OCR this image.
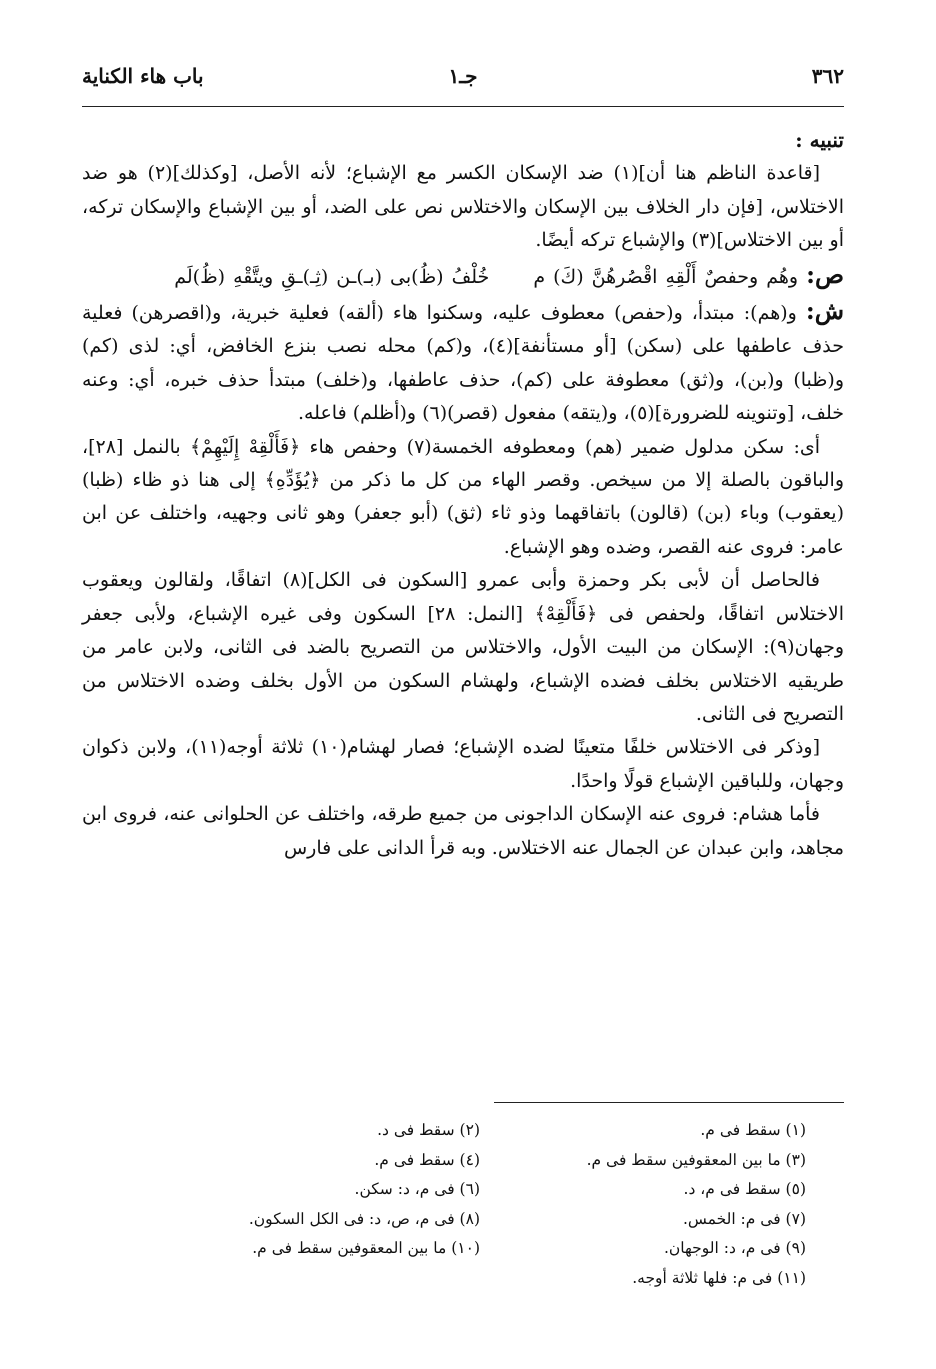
٣٦٢
جـ١
باب هاء الكناية

تنبيه :

[قاعدة الناظم هنا أن](١) ضد الإسكان الكسر مع الإشباع؛ لأنه الأصل، [وكذلك](٢) هو ضد الاختلاس، [فإن دار الخلاف بين الإسكان والاختلاس نص على الضد، أو بين الإشباع والإسكان تركه، أو بين الاختلاس](٣) والإشباع تركه أيضًا.

ص: وهُم وحفصٌ أَلْقِهِ اقْصُرهُنَّ (كَ) مخُلْفُ (ظُ)بى (بـ)ـن (ثِـ)ـقِ ويتَّقْهِ (ظُ)لَم

ش: و(هم): مبتدأ، و(حفص) معطوف عليه، وسكنوا هاء (ألقه) فعلية خبرية، و(اقصرهن) فعلية حذف عاطفها على (سكن) [أو مستأنفة](٤)، و(كم) محله نصب بنزع الخافض، أي: لذى (كم) و(ظبا) و(بن)، و(ثق) معطوفة على (كم)، حذف عاطفها، و(خلف) مبتدأ حذف خبره، أي: وعنه خلف، [وتنوينه للضرورة](٥)، و(يتقه) مفعول (قصر)(٦) و(أظلم) فاعله.

أى: سكن مدلول ضمير (هم) ومعطوفه الخمسة(٧) وحفص هاء ﴿فَأَلْقِهْ إِلَيْهِمْ﴾ بالنمل [٢٨]، والباقون بالصلة إلا من سيخص. وقصر الهاء من كل ما ذكر من ﴿يُؤَدِّهِ﴾ إلى هنا ذو ظاء (ظبا) (يعقوب) وباء (بن) (قالون) باتفاقهما وذو ثاء (ثق) (أبو جعفر) وهو ثانى وجهيه، واختلف عن ابن عامر: فروى عنه القصر، وضده وهو الإشباع.

فالحاصل أن لأبى بكر وحمزة وأبى عمرو [السكون فى الكل](٨) اتفاقًا، ولقالون ويعقوب الاختلاس اتفاقًا، ولحفص فى ﴿فَأَلْقِهْ﴾ [النمل: ٢٨] السكون وفى غيره الإشباع، ولأبى جعفر وجهان(٩): الإسكان من البيت الأول، والاختلاس من التصريح بالضد فى الثانى، ولابن عامر من طريقيه الاختلاس بخلف فضده الإشباع، ولهشام السكون من الأول بخلف وضده الاختلاس من التصريح فى الثانى.

[وذكر فى الاختلاس خلفًا متعينًا لضده الإشباع؛ فصار لهشام(١٠) ثلاثة أوجه(١١)، ولابن ذكوان وجهان، وللباقين الإشباع قولًا واحدًا.

فأما هشام: فروى عنه الإسكان الداجونى من جميع طرقه، واختلف عن الحلوانى عنه، فروى ابن مجاهد، وابن عبدان عن الجمال عنه الاختلاس. وبه قرأ الدانى على فارس

(١) سقط فى م.
(٣) ما بين المعقوفين سقط فى م.
(٥) سقط فى م، د.
(٧) فى م: الخمس.
(٩) فى م، د: الوجهان.
(١١) فى م: فلها ثلاثة أوجه.
(٢) سقط فى د.
(٤) سقط فى م.
(٦) فى م، د: سكن.
(٨) فى م، ص، د: فى الكل السكون.
(١٠) ما بين المعقوفين سقط فى م.
